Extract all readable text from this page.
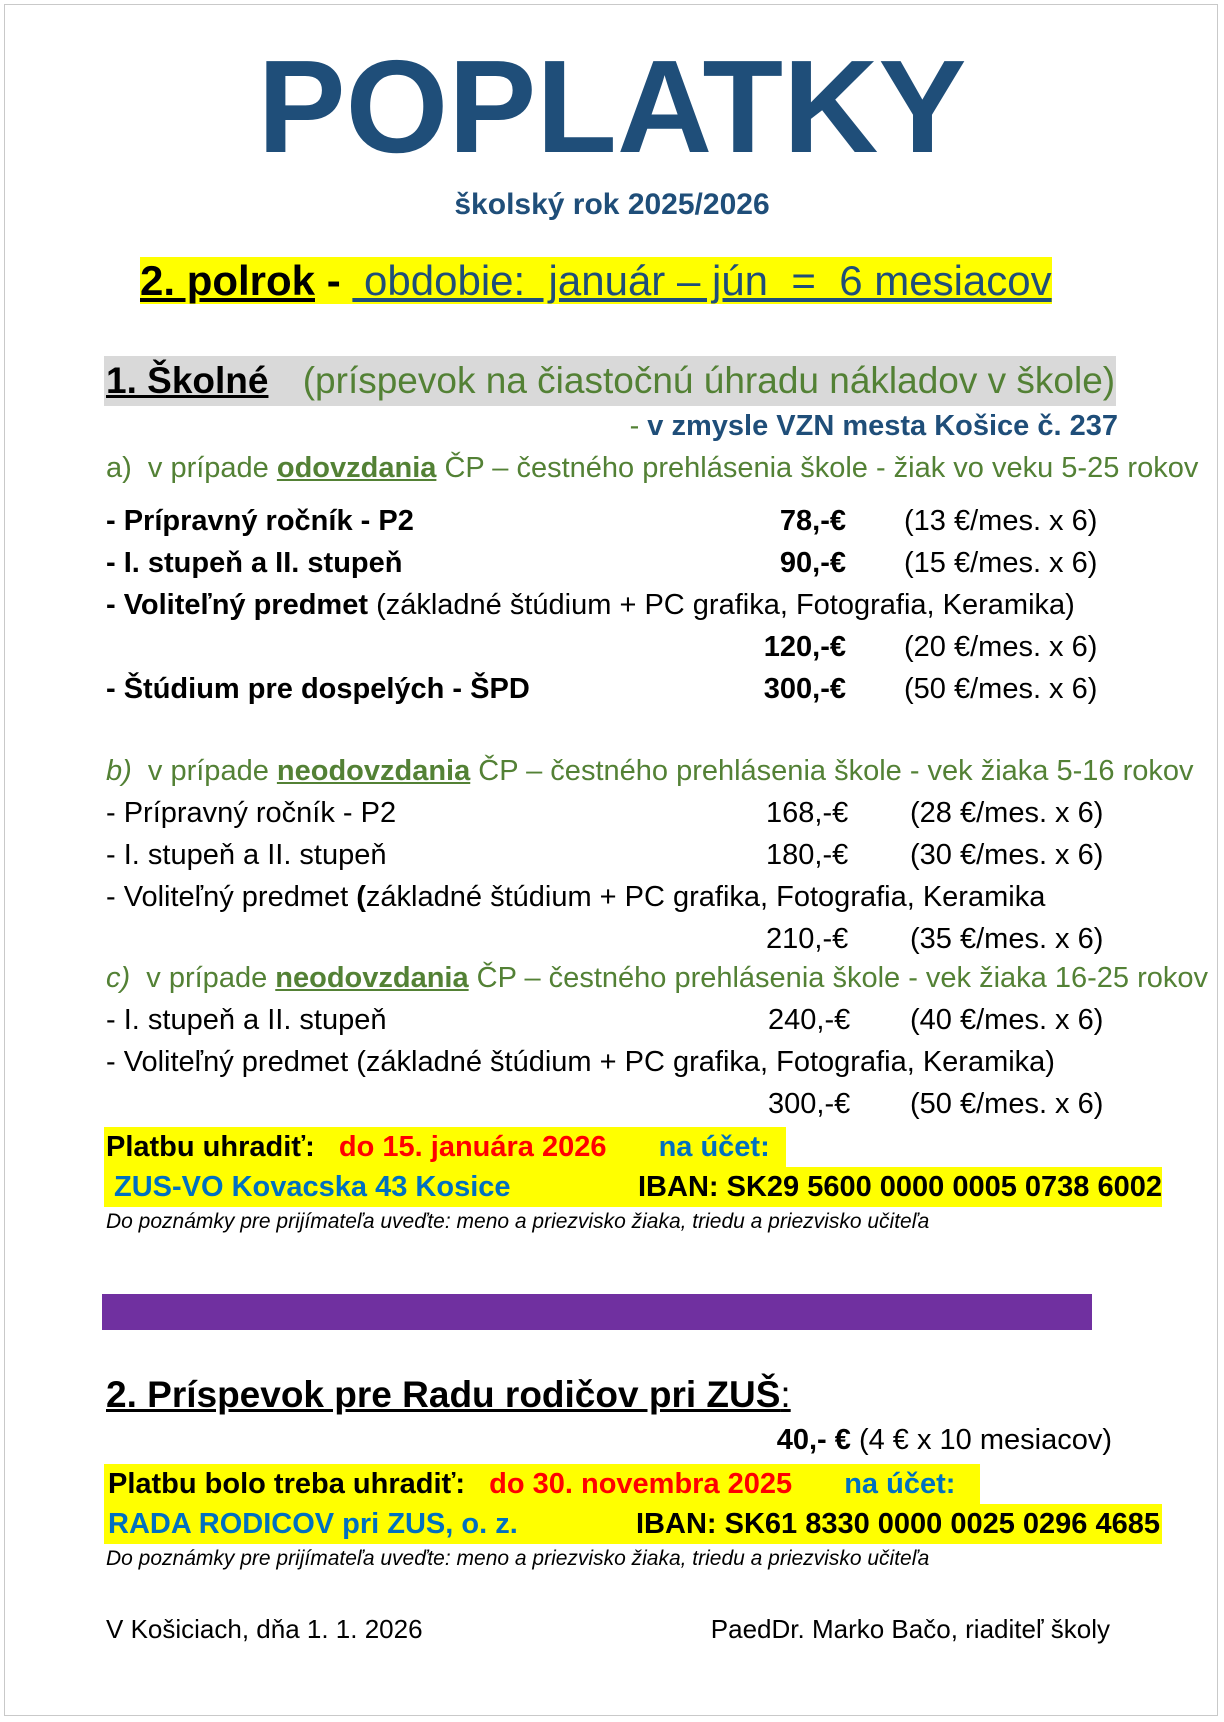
POPLATKY
školský rok 2025/2026
2. polrok -  obdobie:  január – jún  =  6 mesiacov
1. Školné (príspevok na čiastočnú úhradu nákladov v škole)
- v zmysle VZN mesta Košice č. 237
a)  v prípade odovzdania ČP – čestného prehlásenia škole - žiak vo veku 5-25 rokov
- Prípravný ročník - P2	78,-€ (13 €/mes. x 6)
- I. stupeň a II. stupeň	90,-€ (15 €/mes. x 6)
- Voliteľný predmet (základné štúdium + PC grafika, Fotografia, Keramika)
120,-€ (20 €/mes. x 6)
- Štúdium pre dospelých - ŠPD	300,-€ (50 €/mes. x 6)
b)  v prípade neodovzdania ČP – čestného prehlásenia škole - vek žiaka 5-16 rokov
- Prípravný ročník - P2	168,-€ (28 €/mes. x 6)
- I. stupeň a II. stupeň	180,-€ (30 €/mes. x 6)
- Voliteľný predmet (základné štúdium + PC grafika, Fotografia, Keramika
210,-€ (35 €/mes. x 6)
c)  v prípade neodovzdania ČP – čestného prehlásenia škole - vek žiaka 16-25 rokov
- I. stupeň a II. stupeň	240,-€ (40 €/mes. x 6)
- Voliteľný predmet (základné štúdium + PC grafika, Fotografia, Keramika)
300,-€ (50 €/mes. x 6)
Platbu uhradiť: do 15. januára 2026 na účet:
ZUS-VO Kovacska 43 Kosice	IBAN: SK29 5600 0000 0005 0738 6002
Do poznámky pre prijímateľa uveďte: meno a priezvisko žiaka, triedu a priezvisko učiteľa
2. Príspevok pre Radu rodičov pri ZUŠ:
40,- € (4 € x 10 mesiacov)
Platbu bolo treba uhradiť: do 30. novembra 2025 na účet:
RADA RODICOV pri ZUS, o. z.	IBAN: SK61 8330 0000 0025 0296 4685
Do poznámky pre prijímateľa uveďte: meno a priezvisko žiaka, triedu a priezvisko učiteľa
V Košiciach, dňa 1. 1. 2026	PaedDr. Marko Bačo, riaditeľ školy
